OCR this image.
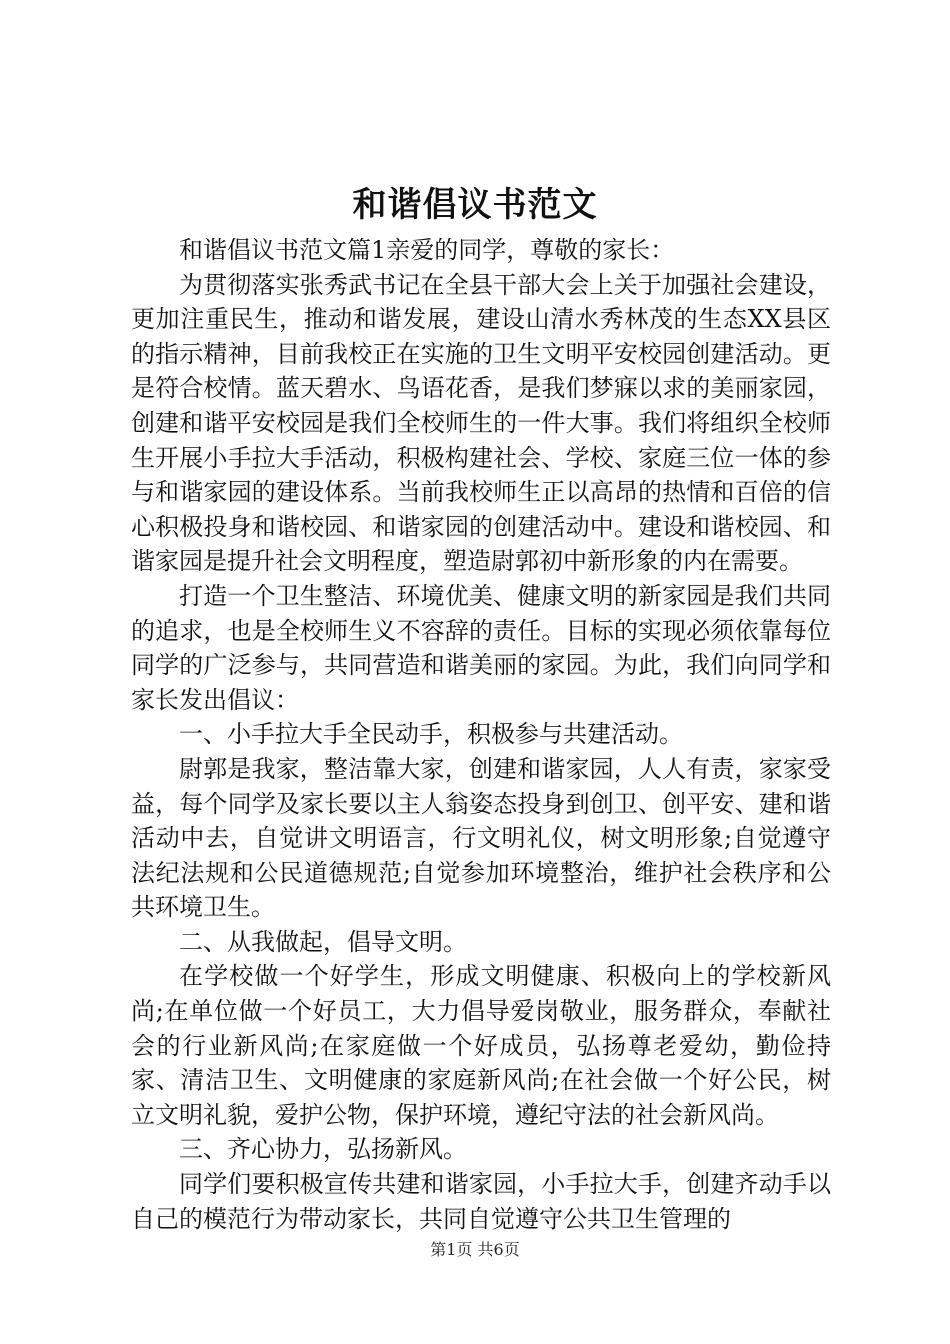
和谐倡议书范文

和谐倡议书范文篇1亲爱的同学，尊敬的家长：

为贯彻落实张秀武书记在全县干部大会上关于加强社会建设，更加注重民生，推动和谐发展，建设山清水秀林茂的生态XX县区的指示精神，目前我校正在实施的卫生文明平安校园创建活动。更是符合校情。蓝天碧水、鸟语花香，是我们梦寐以求的美丽家园，创建和谐平安校园是我们全校师生的一件大事。我们将组织全校师生开展小手拉大手活动，积极构建社会、学校、家庭三位一体的参与和谐家园的建设体系。当前我校师生正以高昂的热情和百倍的信心积极投身和谐校园、和谐家园的创建活动中。建设和谐校园、和谐家园是提升社会文明程度，塑造尉郭初中新形象的内在需要。

打造一个卫生整洁、环境优美、健康文明的新家园是我们共同的追求，也是全校师生义不容辞的责任。目标的实现必须依靠每位同学的广泛参与，共同营造和谐美丽的家园。为此，我们向同学和家长发出倡议：

一、小手拉大手全民动手，积极参与共建活动。

尉郭是我家，整洁靠大家，创建和谐家园，人人有责，家家受益，每个同学及家长要以主人翁姿态投身到创卫、创平安、建和谐活动中去，自觉讲文明语言，行文明礼仪，树文明形象;自觉遵守法纪法规和公民道德规范;自觉参加环境整治，维护社会秩序和公共环境卫生。

二、从我做起，倡导文明。

在学校做一个好学生，形成文明健康、积极向上的学校新风尚;在单位做一个好员工，大力倡导爱岗敬业，服务群众，奉献社会的行业新风尚;在家庭做一个好成员，弘扬尊老爱幼，勤俭持家、清洁卫生、文明健康的家庭新风尚;在社会做一个好公民，树立文明礼貌，爱护公物，保护环境，遵纪守法的社会新风尚。

三、齐心协力，弘扬新风。

同学们要积极宣传共建和谐家园，小手拉大手，创建齐动手以自己的模范行为带动家长，共同自觉遵守公共卫生管理的

第1页 共6页
